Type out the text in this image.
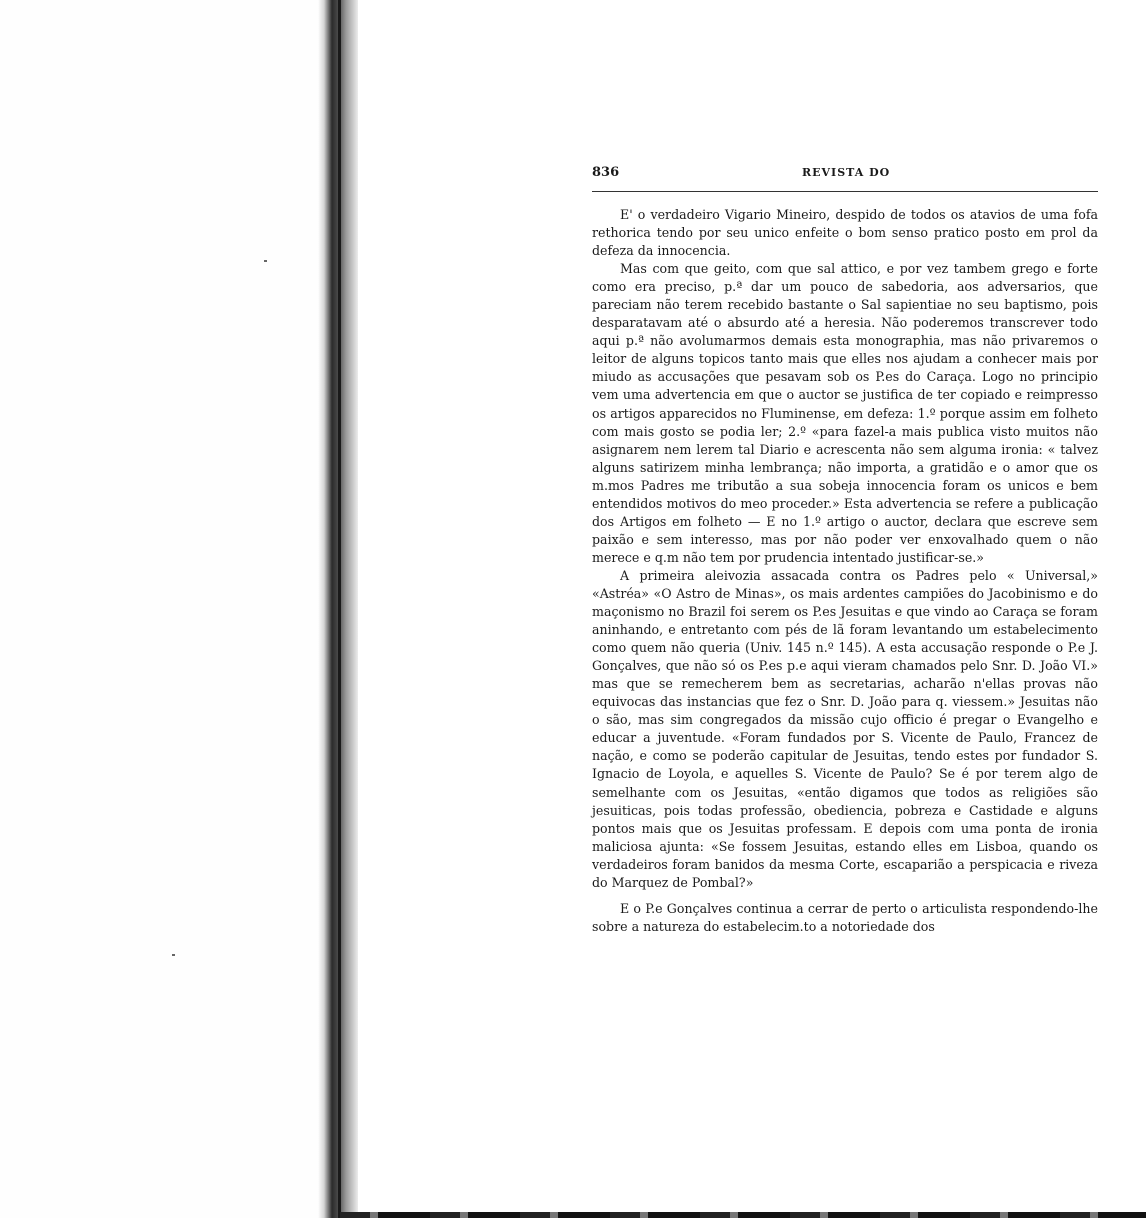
836	REVISTA DO

E' o verdadeiro Vigario Mineiro, despido de todos os atavios de uma fofa rethorica tendo por seu unico enfeite o bom senso pratico posto em prol da defeza da innocencia.

Mas com que geito, com que sal attico, e por vez tambem grego e forte como era preciso, p.ª dar um pouco de sabedoria, aos adversarios, que pareciam não terem recebido bastante o Sal sapientiae no seu baptismo, pois desparatavam até o absurdo até a heresia. Não poderemos transcrever todo aqui p.ª não avolumarmos demais esta monographia, mas não privaremos o leitor de alguns topicos tanto mais que elles nos ajudam a conhecer mais por miudo as accusações que pesavam sob os P.es do Caraça. Logo no principio vem uma advertencia em que o auctor se justifica de ter copiado e reimpresso os artigos apparecidos no Fluminense, em defeza: 1.º porque assim em folheto com mais gosto se podia ler; 2.º «para fazel-a mais publica visto muitos não asignarem nem lerem tal Diario e acrescenta não sem alguma ironia: « talvez alguns satirizem minha lembrança; não importa, a gratidão e o amor que os m.mos Padres me tributão a sua sobeja innocencia foram os unicos e bem entendidos motivos do meo proceder.» Esta advertencia se refere a publicação dos Artigos em folheto — E no 1.º artigo o auctor, declara que escreve sem paixão e sem interesso, mas por não poder ver enxovalhado quem o não merece e q.m não tem por prudencia intentado justificar-se.»

A primeira aleivozia assacada contra os Padres pelo « Universal,» «Astréa» «O Astro de Minas», os mais ardentes campiões do Jacobinismo e do maçonismo no Brazil foi serem os P.es Jesuitas e que vindo ao Caraça se foram aninhando, e entretanto com pés de lã foram levantando um estabelecimento como quem não queria (Univ. 145 n.º 145). A esta accusação responde o P.e J. Gonçalves, que não só os P.es p.e aqui vieram chamados pelo Snr. D. João VI.» mas que se remecherem bem as secretarias, acharão n'ellas provas não equivocas das instancias que fez o Snr. D. João para q. viessem.» Jesuitas não o são, mas sim congregados da missão cujo officio é pregar o Evangelho e educar a juventude. «Foram fundados por S. Vicente de Paulo, Francez de nação, e como se poderão capitular de Jesuitas, tendo estes por fundador S. Ignacio de Loyola, e aquelles S. Vicente de Paulo? Se é por terem algo de semelhante com os Jesuitas, «então digamos que todos as religiões são jesuiticas, pois todas professão, obediencia, pobreza e Castidade e alguns pontos mais que os Jesuitas professam. E depois com uma ponta de ironia maliciosa ajunta: «Se fossem Jesuitas, estando elles em Lisboa, quando os verdadeiros foram banidos da mesma Corte, escaparião a perspicacia e riveza do Marquez de Pombal?»

E o P.e Gonçalves continua a cerrar de perto o articulista respondendo-lhe sobre a natureza do estabelecim.to a notoriedade dos
